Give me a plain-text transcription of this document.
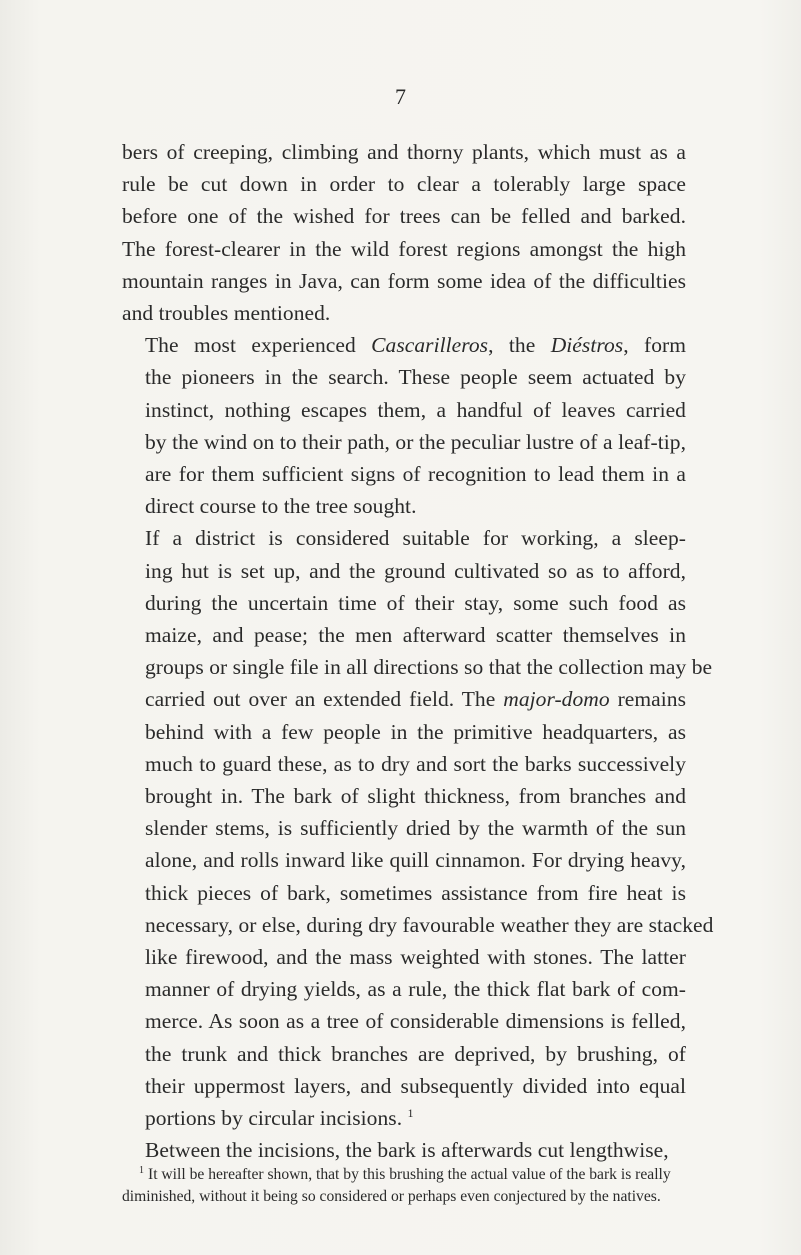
7
bers of creeping, climbing and thorny plants, which must as a
rule be cut down in order to clear a tolerably large space
before one of the wished for trees can be felled and barked.
The forest-clearer in the wild forest regions amongst the high
mountain ranges in Java, can form some idea of the difficulties
and troubles mentioned.
The most experienced Cascarilleros, the Diéstros, form
the pioneers in the search. These people seem actuated by
instinct, nothing escapes them, a handful of leaves carried
by the wind on to their path, or the peculiar lustre of a leaf-tip,
are for them sufficient signs of recognition to lead them in a
direct course to the tree sought.
If a district is considered suitable for working, a sleep-
ing hut is set up, and the ground cultivated so as to afford,
during the uncertain time of their stay, some such food as
maize, and pease; the men afterward scatter themselves in
groups or single file in all directions so that the collection may be
carried out over an extended field. The major-domo remains
behind with a few people in the primitive headquarters, as
much to guard these, as to dry and sort the barks successively
brought in. The bark of slight thickness, from branches and
slender stems, is sufficiently dried by the warmth of the sun
alone, and rolls inward like quill cinnamon. For drying heavy,
thick pieces of bark, sometimes assistance from fire heat is
necessary, or else, during dry favourable weather they are stacked
like firewood, and the mass weighted with stones. The latter
manner of drying yields, as a rule, the thick flat bark of com-
merce. As soon as a tree of considerable dimensions is felled,
the trunk and thick branches are deprived, by brushing, of
their uppermost layers, and subsequently divided into equal
portions by circular incisions. $^1$
Between the incisions, the bark is afterwards cut lengthwise,
$^1$ It will be hereafter shown, that by this brushing the actual value of the bark is really
diminished, without it being so considered or perhaps even conjectured by the natives.
